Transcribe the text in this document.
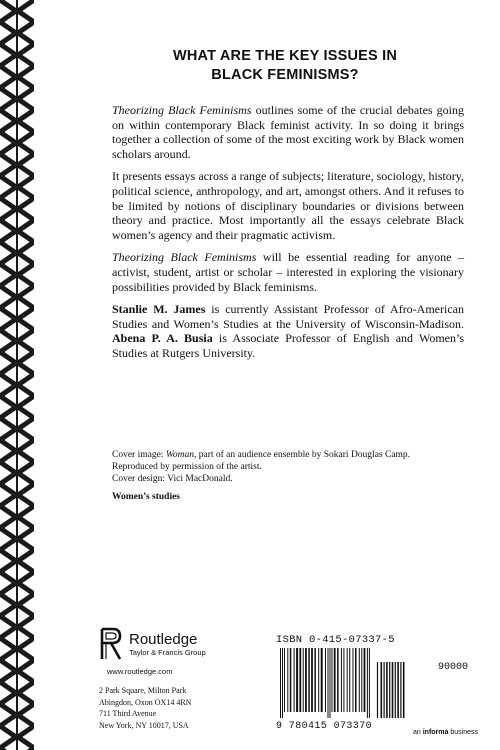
WHAT ARE THE KEY ISSUES IN
BLACK FEMINISMS?

Theorizing Black Feminisms outlines some of the crucial debates going on within contemporary Black feminist activity. In so doing it brings together a collection of some of the most exciting work by Black women scholars around.

It presents essays across a range of subjects; literature, sociology, history, political science, anthropology, and art, amongst others. And it refuses to be limited by notions of disciplinary boundaries or divisions between theory and practice. Most importantly all the essays celebrate Black women’s agency and their pragmatic activism.

Theorizing Black Feminisms will be essential reading for anyone – activist, student, artist or scholar – interested in exploring the visionary possibilities provided by Black feminisms.

Stanlie M. James is currently Assistant Professor of Afro-American Studies and Women’s Studies at the University of Wisconsin-Madison. Abena P. A. Busia is Associate Professor of English and Women’s Studies at Rutgers University.

Cover image: Woman, part of an audience ensemble by Sokari Douglas Camp.
Reproduced by permission of the artist.
Cover design: Vici MacDonald.
Women’s studies
Routledge
Taylor & Francis Group
www.routledge.com
2 Park Square, Milton Park
Abingdon, Oxon OX14 4RN
711 Third Avenue
New York, NY 10017, USA
ISBN 0-415-07337-5
90000
9 780415 073370
an informa business
